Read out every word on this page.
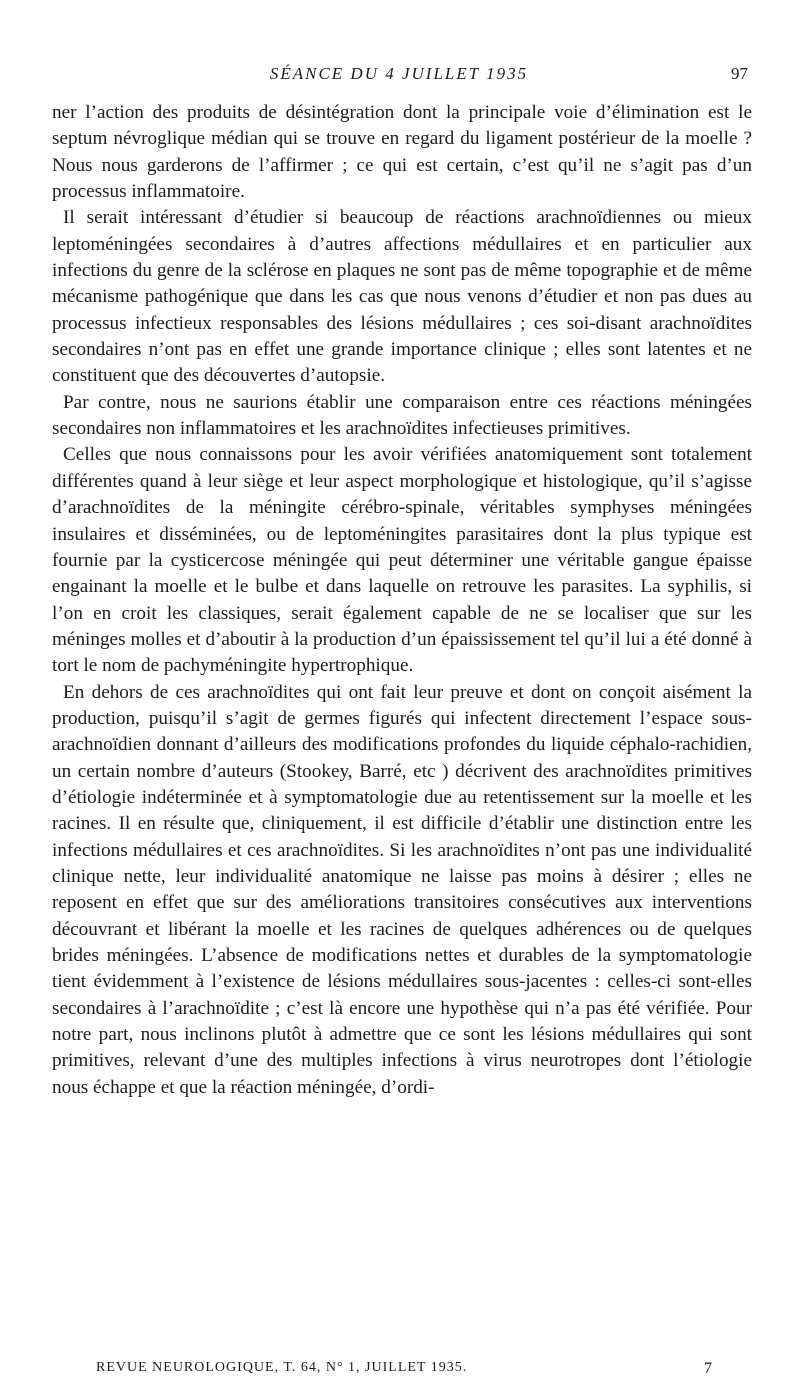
SÉANCE DU 4 JUILLET 1935	97

ner l’action des produits de désintégration dont la principale voie d’élimination est le septum névroglique médian qui se trouve en regard du ligament postérieur de la moelle ? Nous nous garderons de l’affirmer ; ce qui est certain, c’est qu’il ne s’agit pas d’un processus inflammatoire.

Il serait intéressant d’étudier si beaucoup de réactions arachnoïdiennes ou mieux leptoméningées secondaires à d’autres affections médullaires et en particulier aux infections du genre de la sclérose en plaques ne sont pas de même topographie et de même mécanisme pathogénique que dans les cas que nous venons d’étudier et non pas dues au processus infectieux responsables des lésions médullaires ; ces soi-disant arachnoïdites secondaires n’ont pas en effet une grande importance clinique ; elles sont latentes et ne constituent que des découvertes d’autopsie.

Par contre, nous ne saurions établir une comparaison entre ces réactions méningées secondaires non inflammatoires et les arachnoïdites infectieuses primitives.

Celles que nous connaissons pour les avoir vérifiées anatomiquement sont totalement différentes quand à leur siège et leur aspect morphologique et histologique, qu’il s’agisse d’arachnoïdites de la méningite cérébro-spinale, véritables symphyses méningées insulaires et disséminées, ou de leptoméningites parasitaires dont la plus typique est fournie par la cysticercose méningée qui peut déterminer une véritable gangue épaisse engainant la moelle et le bulbe et dans laquelle on retrouve les parasites. La syphilis, si l’on en croit les classiques, serait également capable de ne se localiser que sur les méninges molles et d’aboutir à la production d’un épaississement tel qu’il lui a été donné à tort le nom de pachyméningite hypertrophique.

En dehors de ces arachnoïdites qui ont fait leur preuve et dont on conçoit aisément la production, puisqu’il s’agit de germes figurés qui infectent directement l’espace sous-arachnoïdien donnant d’ailleurs des modifications profondes du liquide céphalo-rachidien, un certain nombre d’auteurs (Stookey, Barré, etc ) décrivent des arachnoïdites primitives d’étiologie indéterminée et à symptomatologie due au retentissement sur la moelle et les racines. Il en résulte que, cliniquement, il est difficile d’établir une distinction entre les infections médullaires et ces arachnoïdites. Si les arachnoïdites n’ont pas une individualité clinique nette, leur individualité anatomique ne laisse pas moins à désirer ; elles ne reposent en effet que sur des améliorations transitoires consécutives aux interventions découvrant et libérant la moelle et les racines de quelques adhérences ou de quelques brides méningées. L’absence de modifications nettes et durables de la symptomatologie tient évidemment à l’existence de lésions médullaires sous-jacentes : celles-ci sont-elles secondaires à l’arachnoïdite ; c’est là encore une hypothèse qui n’a pas été vérifiée. Pour notre part, nous inclinons plutôt à admettre que ce sont les lésions médullaires qui sont primitives, relevant d’une des multiples infections à virus neurotropes dont l’étiologie nous échappe et que la réaction méningée, d’ordi-

REVUE NEUROLOGIQUE, T. 64, N° 1, JUILLET 1935.	7
